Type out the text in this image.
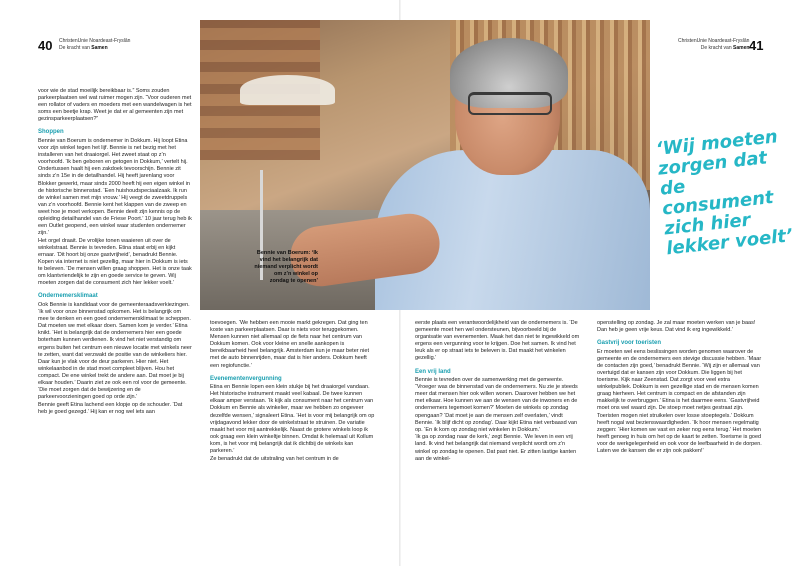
40 ChristenUnie Noardeast-Fryslân
De kracht van Samen
ChristenUnie Noardeast-Fryslân
De kracht van Samen 41
Bennie van Boerum: ‘Ik vind het belangrijk dat niemand verplicht wordt om z’n winkel op zondag te openen’
‘Wij moeten zorgen dat de consument zich hier lekker voelt’

voor wie de stad moeilijk bereikbaar is.” Soms zouden parkeerplaatsen wel wat ruimer mogen zijn. “Voor ouderen met een rollator of vaders en moeders met een wandelwagen is het soms een beetje krap. Weet je dat er al gemeenten zijn met gezinsparkeerplaatsen?”

Shoppen

Bennie van Boerum is ondernemer in Dokkum. Hij loopt Etina voor zijn winkel tegen het lijf. Bennie is net bezig met het installeren van het draaiorgel. Het zweet staat op z’n voorhoofd. ‘Ik ben geboren en getogen in Dokkum,’ vertelt hij. Ondertussen haalt hij een zakdoek tevoorschijn. Bennie zit sinds z’n 15e in de detailhandel. Hij heeft jarenlang voor Blokker gewerkt, maar sinds 2000 heeft hij een eigen winkel in de historische binnenstad. ‘Een huishoudspeciaalzaak. Ik run de winkel samen met mijn vrouw.’ Hij veegt de zweetdruppels van z’n voorhoofd. Bennie kent het klappen van de zweep en weet hoe je moet verkopen. Bennie deelt zijn kennis op de opleiding detailhandel van de Friese Poort.’ 10 jaar terug heb ik een Outlet geopend, een winkel waar studenten ondernemer zijn.’

Het orgel draait. De vrolijke tonen waaieren uit over de winkelstraat. Bennie is tevreden. Etina staat erbij en kijkt ernaar. ‘Dit hoort bij onze gastvrijheid’, benadrukt Bennie. Kopen via internet is niet gezellig, maar hier in Dokkum is iets te beleven. ‘De mensen willen graag shoppen. Het is onze taak om klantvriendelijk te zijn en goede service te geven. Wij moeten zorgen dat de consument zich hier lekker voelt.’

Ondernemersklimaat

Ook Bennie is kandidaat voor de gemeenteraadsverkiezingen. ‘Ik wil voor onze binnenstad opkomen. Het is belangrijk om mee te denken en een goed ondernemersklimaat te scheppen. Dat moeten we met elkaar doen. Samen kom je verder.’ Etina knikt. ‘Het is belangrijk dat de ondernemers hier een goede boterham kunnen verdienen. Ik vind het niet verstandig om ergens buiten het centrum een nieuwe locatie met winkels neer te zetten, want dat verzwakt de positie van de winkeliers hier. Daar kun je vlak voor de deur parkeren. Hier niet. Het winkelaanbod in de stad moet compleet blijven. Hou het compact. De ene winkel trekt de andere aan. Dat moet je bij elkaar houden.’ Daarin ziet ze ook een rol voor de gemeente. ‘Die moet zorgen dat de bewijzering en de parkeervoorzieningen goed op orde zijn.’

Bennie geeft Etina lachend een klopje op de schouder. ‘Dat heb je goed gezegd.’ Hij kan er nog wel iets aan

toevoegen. ‘We hebben een mooie markt gekregen. Dat ging ten koste van parkeerplaatsen. Daar is niets voor teruggekomen. Mensen kunnen niet allemaal op de fiets naar het centrum van Dokkum komen. Ook voor kleine en snelle aankopen is bereikbaarheid heel belangrijk. Amsterdam kun je maar beter niet met de auto binnenrijden, maar dat is hier anders. Dokkum heeft een regiofunctie.’

Evenementenvergunning

Etina en Bennie lopen een klein stukje bij het draaiorgel vandaan. Het historische instrument maakt veel kabaal. De twee kunnen elkaar amper verstaan. ‘Ik kijk als consument naar het centrum van Dokkum en Bennie als winkelier, maar we hebben zo ongeveer dezelfde wensen,’ signaleert Etina. ‘Het is voor mij belangrijk om op vrijdagavond lekker door de winkelstraat te struinen. De variatie maakt het voor mij aantrekkelijk. Naast de grotere winkels loop ik ook graag een klein winkeltje binnen. Omdat ik helemaal uit Kollum kom, is het voor mij belangrijk dat ik dichtbij de winkels kan parkeren.’

Ze benadrukt dat de uitstraling van het centrum in de

eerste plaats een verantwoordelijkheid van de ondernemers is. ‘De gemeente moet hen wel ondersteunen, bijvoorbeeld bij de organisatie van evenementen. Maak het dan niet te ingewikkeld om ergens een vergunning voor te krijgen. Doe het samen. Ik vind het leuk als er op straat iets te beleven is. Dat maakt het winkelen gezellig.’

Een vrij land

Bennie is tevreden over de samenwerking met de gemeente. “Vroeger was de binnenstad van de ondernemers. Nu zie je steeds meer dat mensen hier ook willen wonen. Daarover hebben we het met elkaar. Hoe kunnen we aan de wensen van de inwoners en de ondernemers tegemoet komen?’ Moeten de winkels op zondag opengaan? ‘Dat moet je aan de mensen zelf overlaten,’ vindt Bennie. ‘Ik blijf dicht op zondag’. Daar kijkt Etina niet verbaasd van op. ‘En ik kom op zondag niet winkelen in Dokkum.’

‘Ik ga op zondag naar de kerk,’ zegt Bennie. ‘We leven in een vrij land. Ik vind het belangrijk dat niemand verplicht wordt om z’n winkel op zondag te openen. Dat past niet. Er zitten lastige kanten aan de winkel-

openstelling op zondag. Je zal maar moeten werken van je baas! Dan heb je geen vrije keus. Dat vind ik erg ingewikkeld.’

Gastvrij voor toeristen

Er moeten wel eens beslissingen worden genomen waarover de gemeente en de ondernemers een stevige discussie hebben. ‘Maar de contacten zijn goed,’ benadrukt Bennie. ‘Wij zijn er allemaal van overtuigd dat er kansen zijn voor Dokkum. Die liggen bij het toerisme. Kijk naar Zeenstad. Dat zorgt voor veel extra winkelpubliek. Dokkum is een gezellige stad en de mensen komen graag hierheen. Het centrum is compact en de afstanden zijn makkelijk te overbruggen.’ Etina is het daarmee eens. ‘Gastvrijheid moet ons wel waard zijn. De stoep moet netjes gestraat zijn. Toeristen mogen niet struikelen over losse stoeptegels.’ Dokkum heeft nogal wat bezienswaardigheden. ‘Ik hoor mensen regelmatig zeggen: ‘Hier komen we vast en zeker nog eens terug.’ Het moeten heeft genoeg in huis om het op de kaart te zetten. Toerisme is goed voor de werkgelegenheid en ook voor de leefbaarheid in de dorpen. Laten we de kansen die er zijn ook pakken!’
